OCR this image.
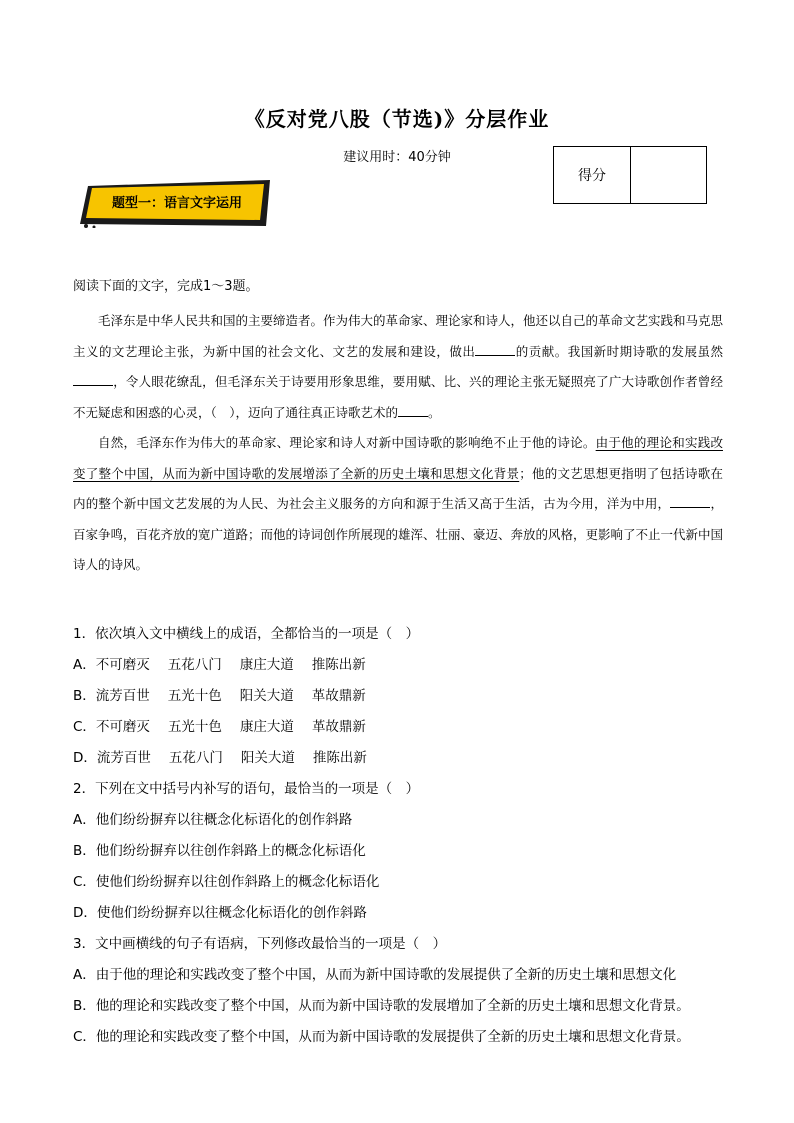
《反对党八股（节选)》分层作业
建议用时：40分钟
得分
题型一：语言文字运用
阅读下面的文字，完成1～3题。

毛泽东是中华人民共和国的主要缔造者。作为伟大的革命家、理论家和诗人，他还以自己的革命文艺实践和马克思主义的文艺理论主张，为新中国的社会文化、文艺的发展和建设，做出	的贡献。我国新时期诗歌的发展虽然，令人眼花缭乱，但毛泽东关于诗要用形象思维，要用赋、比、兴的理论主张无疑照亮了广大诗歌创作者曾经不无疑虑和困惑的心灵，（　），迈向了通往真正诗歌艺术的 。

自然，毛泽东作为伟大的革命家、理论家和诗人对新中国诗歌的影响绝不止于他的诗论。由于他的理论和实践改变了整个中国，从而为新中国诗歌的发展增添了全新的历史土壤和思想文化背景；他的文艺思想更指明了包括诗歌在内的整个新中国文艺发展的为人民、为社会主义服务的方向和源于生活又高于生活，古为今用，洋为中用，	，百家争鸣，百花齐放的宽广道路；而他的诗词创作所展现的雄浑、壮丽、豪迈、奔放的风格，更影响了不止一代新中国诗人的诗风。

1．依次填入文中横线上的成语，全都恰当的一项是（　）
A．不可磨灭 五花八门 康庄大道 推陈出新
B．流芳百世 五光十色 阳关大道 革故鼎新
C．不可磨灭 五光十色 康庄大道 革故鼎新
D．流芳百世 五花八门 阳关大道 推陈出新
2．下列在文中括号内补写的语句，最恰当的一项是（　）
A．他们纷纷摒弃以往概念化标语化的创作斜路
B．他们纷纷摒弃以往创作斜路上的概念化标语化
C．使他们纷纷摒弃以往创作斜路上的概念化标语化
D．使他们纷纷摒弃以往概念化标语化的创作斜路
3．文中画横线的句子有语病，下列修改最恰当的一项是（　）
A．由于他的理论和实践改变了整个中国，从而为新中国诗歌的发展提供了全新的历史土壤和思想文化
B．他的理论和实践改变了整个中国，从而为新中国诗歌的发展增加了全新的历史土壤和思想文化背景。
C．他的理论和实践改变了整个中国，从而为新中国诗歌的发展提供了全新的历史土壤和思想文化背景。
